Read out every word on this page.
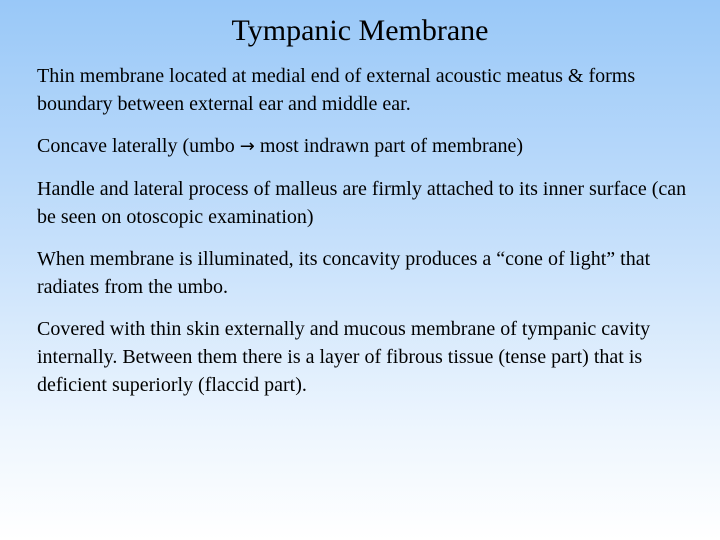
Tympanic Membrane
Thin membrane located at medial end of external acoustic meatus & forms boundary between external ear and middle ear.
Concave laterally (umbo → most indrawn part of membrane)
Handle and lateral process of malleus are firmly attached to its inner surface (can be seen on otoscopic examination)
When membrane is illuminated, its concavity produces a “cone of light” that radiates from the umbo.
Covered with thin skin externally and mucous membrane of tympanic cavity internally. Between them there is a layer of fibrous tissue (tense part) that is deficient superiorly (flaccid part).
